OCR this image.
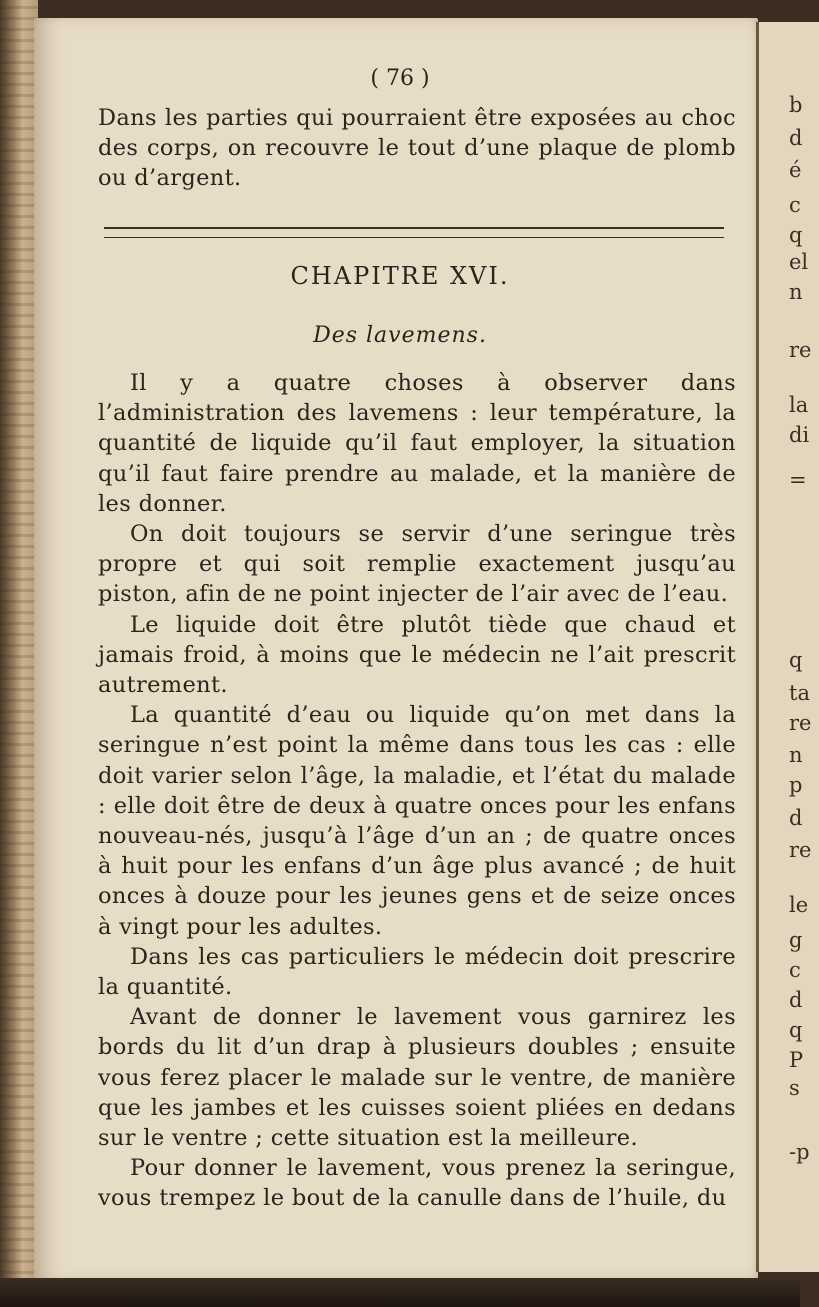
b
d
é
c
q
el
n
re
la
di
=
q
ta
re
n
p
d
re
le
g
c
d
q
P
s
-p
( 76 )

Dans les parties qui pourraient être exposées au choc des corps, on recouvre le tout d’une plaque de plomb ou d’argent.

CHAPITRE XVI.
Des lavemens.

Il y a quatre choses à observer dans l’administration des lavemens : leur température, la quantité de liquide qu’il faut employer, la situation qu’il faut faire prendre au malade, et la manière de les donner.

On doit toujours se servir d’une seringue très propre et qui soit remplie exactement jusqu’au piston, afin de ne point injecter de l’air avec de l’eau.

Le liquide doit être plutôt tiède que chaud et jamais froid, à moins que le médecin ne l’ait prescrit autrement.

La quantité d’eau ou liquide qu’on met dans la seringue n’est point la même dans tous les cas : elle doit varier selon l’âge, la maladie, et l’état du malade : elle doit être de deux à quatre onces pour les enfans nouveau-nés, jusqu’à l’âge d’un an ; de quatre onces à huit pour les enfans d’un âge plus avancé ; de huit onces à douze pour les jeunes gens et de seize onces à vingt pour les adultes.

Dans les cas particuliers le médecin doit prescrire la quantité.

Avant de donner le lavement vous garnirez les bords du lit d’un drap à plusieurs doubles ; ensuite vous ferez placer le malade sur le ventre, de manière que les jambes et les cuisses soient pliées en dedans sur le ventre ; cette situation est la meilleure.

Pour donner le lavement, vous prenez la seringue, vous trempez le bout de la canulle dans de l’huile, du
